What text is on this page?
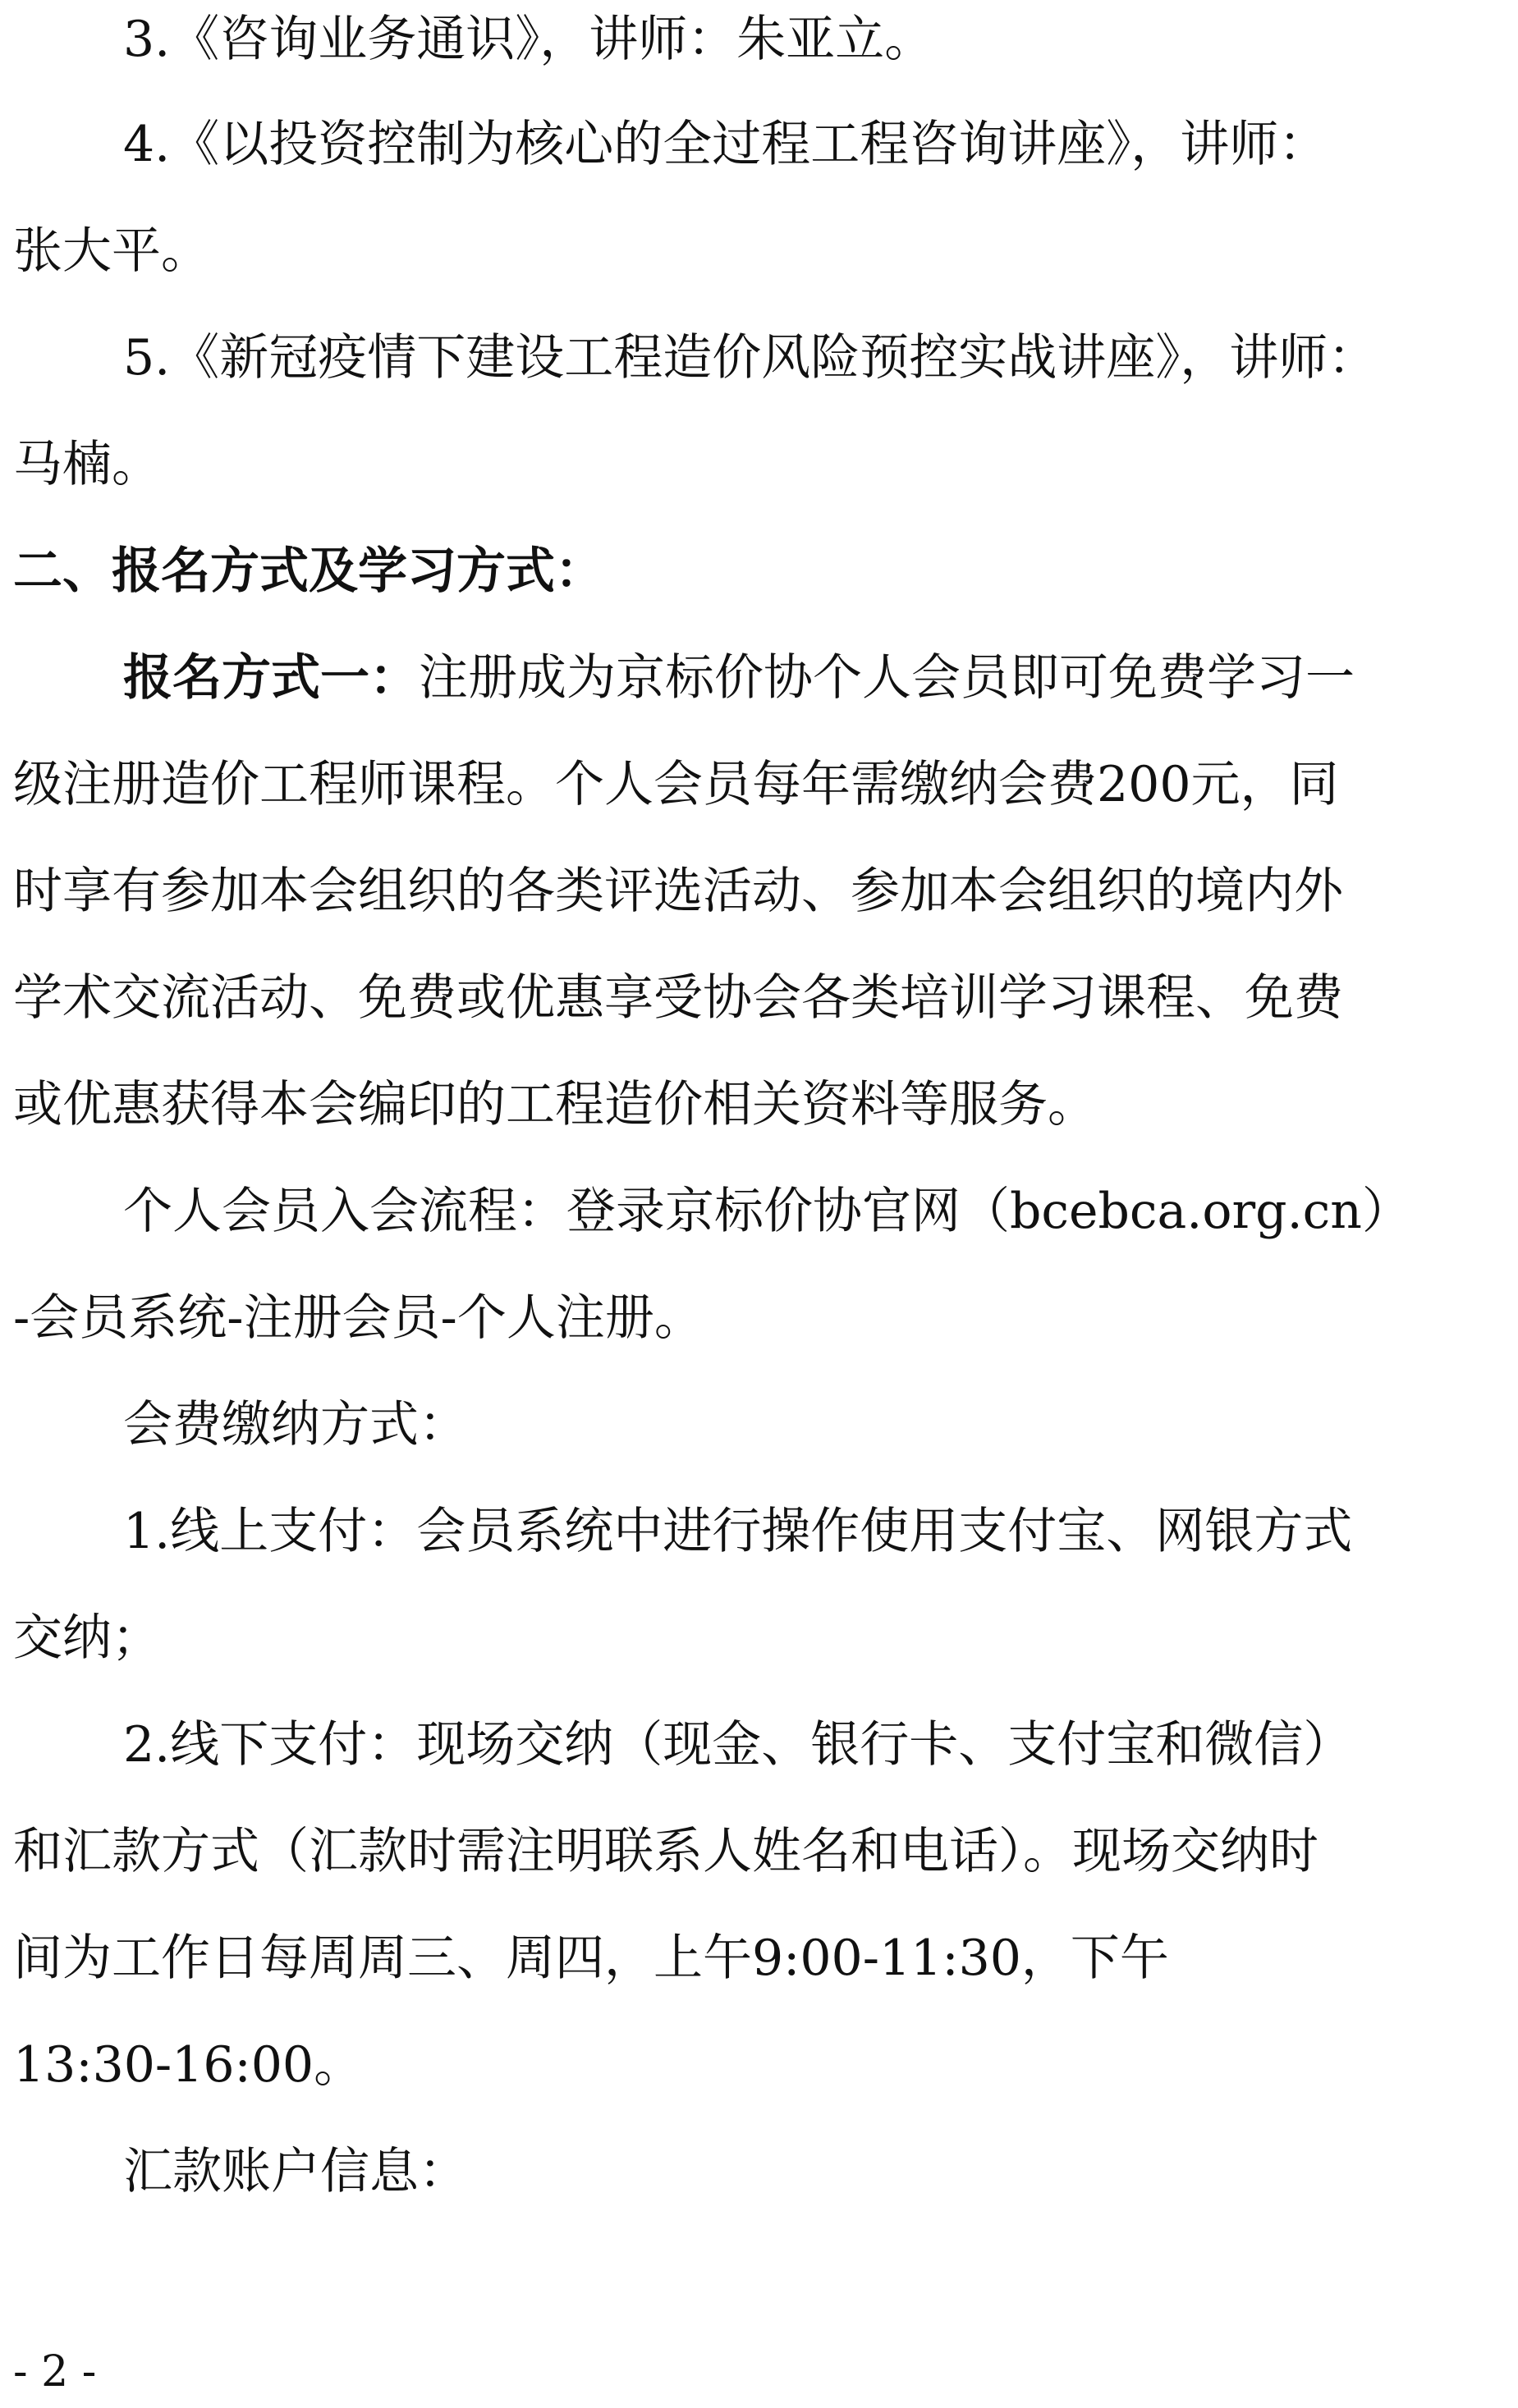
3.《咨询业务通识》，讲师：朱亚立。
4.《以投资控制为核心的全过程工程咨询讲座》，讲师：
张大平。
5.《新冠疫情下建设工程造价风险预控实战讲座》，讲师：
马楠。
二、报名方式及学习方式：
报名方式一：注册成为京标价协个人会员即可免费学习一
级注册造价工程师课程。个人会员每年需缴纳会费200元，同
时享有参加本会组织的各类评选活动、参加本会组织的境内外
学术交流活动、免费或优惠享受协会各类培训学习课程、免费
或优惠获得本会编印的工程造价相关资料等服务。
个人会员入会流程：登录京标价协官网（bcebca.org.cn）
-会员系统-注册会员-个人注册。
会费缴纳方式：
1.线上支付：会员系统中进行操作使用支付宝、网银方式
交纳；
2.线下支付：现场交纳（现金、银行卡、支付宝和微信）
和汇款方式（汇款时需注明联系人姓名和电话）。现场交纳时
间为工作日每周周三、周四，上午9:00-11:30，下午
13:30-16:00。
汇款账户信息：
- 2 -
